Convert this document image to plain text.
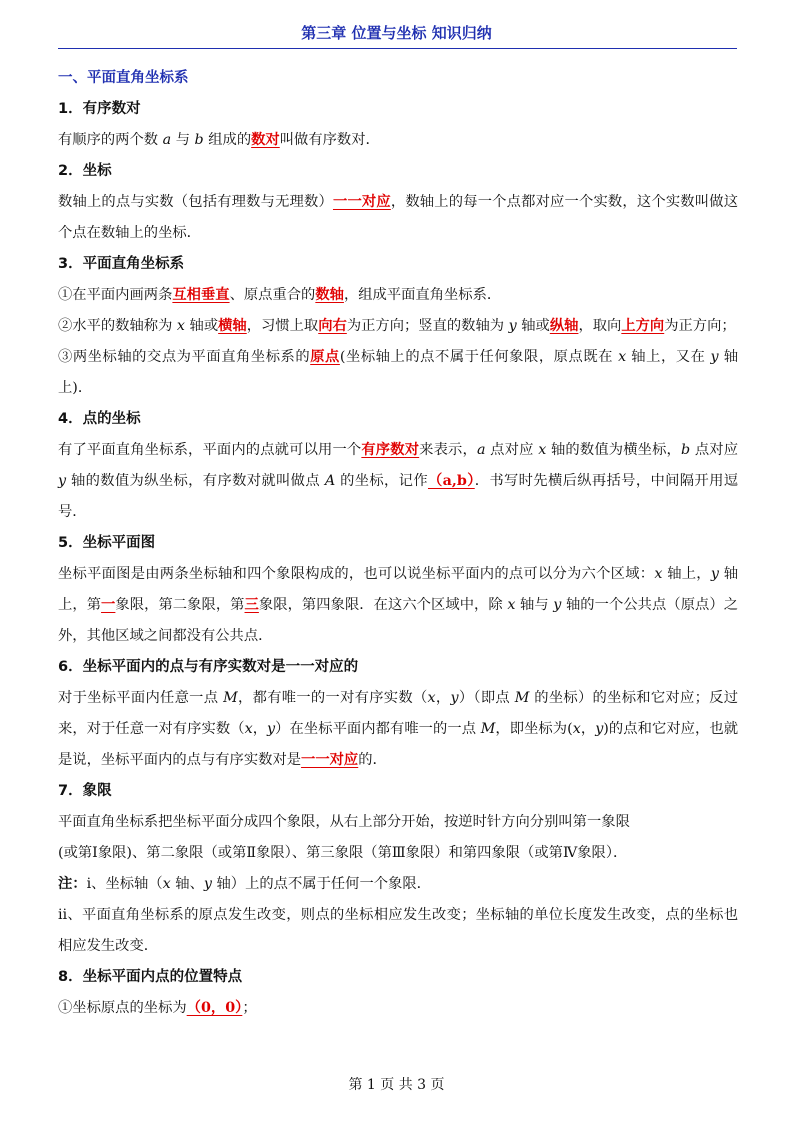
第三章 位置与坐标 知识归纳
一、平面直角坐标系
1．有序数对
有顺序的两个数 a 与 b 组成的数对叫做有序数对．
2．坐标
数轴上的点与实数（包括有理数与无理数）一一对应，数轴上的每一个点都对应一个实数，这个实数叫做这个点在数轴上的坐标．
3．平面直角坐标系
①在平面内画两条互相垂直、原点重合的数轴，组成平面直角坐标系．
②水平的数轴称为 x 轴或横轴，习惯上取向右为正方向；竖直的数轴为 y 轴或纵轴，取向上方向为正方向；
③两坐标轴的交点为平面直角坐标系的原点(坐标轴上的点不属于任何象限，原点既在 x 轴上，又在 y 轴上)．
4．点的坐标
有了平面直角坐标系，平面内的点就可以用一个有序数对来表示，a 点对应 x 轴的数值为横坐标，b 点对应 y 轴的数值为纵坐标，有序数对就叫做点 A 的坐标，记作（a,b）．书写时先横后纵再括号，中间隔开用逗号．
5．坐标平面图
坐标平面图是由两条坐标轴和四个象限构成的，也可以说坐标平面内的点可以分为六个区域：x 轴上，y 轴上，第一象限，第二象限，第三象限，第四象限．在这六个区域中，除 x 轴与 y 轴的一个公共点（原点）之外，其他区域之间都没有公共点．
6．坐标平面内的点与有序实数对是一一对应的
对于坐标平面内任意一点 M，都有唯一的一对有序实数（x，y）（即点 M 的坐标）的坐标和它对应；反过来，对于任意一对有序实数（x，y）在坐标平面内都有唯一的一点 M，即坐标为(x，y)的点和它对应，也就是说，坐标平面内的点与有序实数对是一一对应的．
7．象限
平面直角坐标系把坐标平面分成四个象限，从右上部分开始，按逆时针方向分别叫第一象限
(或第Ⅰ象限)、第二象限（或第Ⅱ象限）、第三象限（第Ⅲ象限）和第四象限（或第Ⅳ象限）．
注：ⅰ、坐标轴（x 轴、y 轴）上的点不属于任何一个象限．
ⅱ、平面直角坐标系的原点发生改变，则点的坐标相应发生改变；坐标轴的单位长度发生改变，点的坐标也相应发生改变．
8．坐标平面内点的位置特点
①坐标原点的坐标为（0，0）；
第 1 页 共 3 页
